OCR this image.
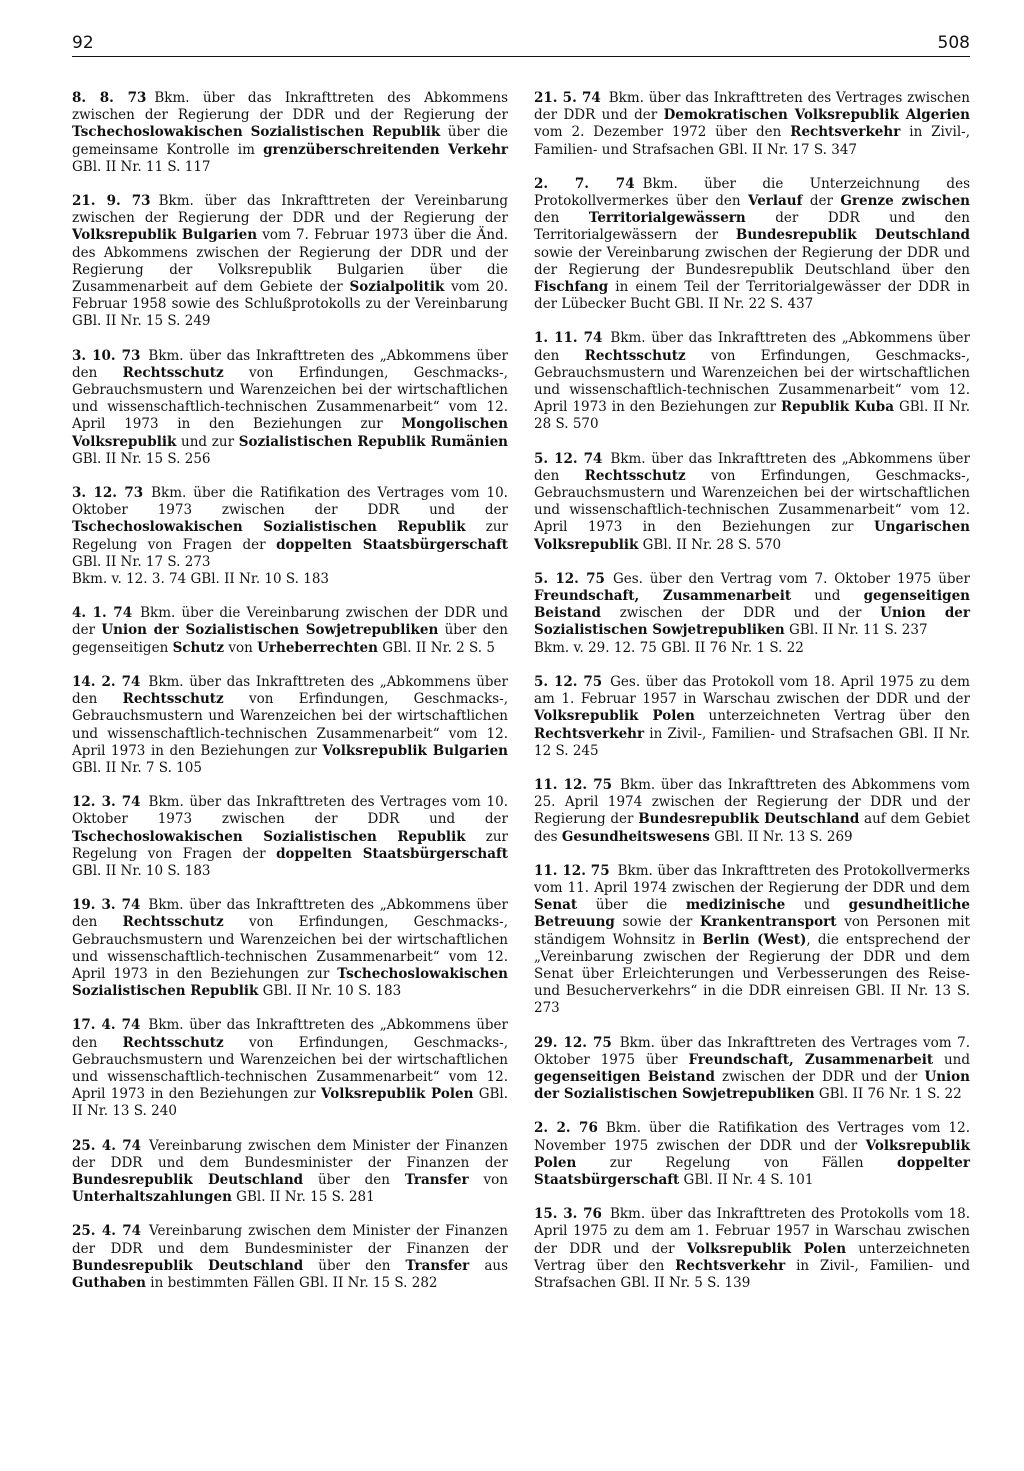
92	508

8. 8. 73 Bkm. über das Inkrafttreten des Abkommens zwischen der Regierung der DDR und der Regierung der Tschechoslowakischen Sozialistischen Republik über die gemeinsame Kontrolle im grenzüberschreitenden Verkehr GBl. II Nr. 11 S. 117

21. 9. 73 Bkm. über das Inkrafttreten der Vereinbarung zwischen der Regierung der DDR und der Regierung der Volksrepublik Bulgarien vom 7. Februar 1973 über die Änd. des Abkommens zwischen der Regierung der DDR und der Regierung der Volksrepublik Bulgarien über die Zusammenarbeit auf dem Gebiete der Sozialpolitik vom 20. Februar 1958 sowie des Schlußprotokolls zu der Vereinbarung GBl. II Nr. 15 S. 249

3. 10. 73 Bkm. über das Inkrafttreten des „Abkommens über den Rechtsschutz von Erfindungen, Geschmacks-, Gebrauchsmustern und Warenzeichen bei der wirtschaftlichen und wissenschaftlich-technischen Zusammenarbeit“ vom 12. April 1973 in den Beziehungen zur Mongolischen Volksrepublik und zur Sozialistischen Republik Rumänien GBl. II Nr. 15 S. 256

3. 12. 73 Bkm. über die Ratifikation des Vertrages vom 10. Oktober 1973 zwischen der DDR und der Tschechoslowakischen Sozialistischen Republik zur Regelung von Fragen der doppelten Staatsbürgerschaft GBl. II Nr. 17 S. 273
Bkm. v. 12. 3. 74 GBl. II Nr. 10 S. 183

4. 1. 74 Bkm. über die Vereinbarung zwischen der DDR und der Union der Sozialistischen Sowjetrepubliken über den gegenseitigen Schutz von Urheberrechten GBl. II Nr. 2 S. 5

14. 2. 74 Bkm. über das Inkrafttreten des „Abkommens über den Rechtsschutz von Erfindungen, Geschmacks-, Gebrauchsmustern und Warenzeichen bei der wirtschaftlichen und wissenschaftlich-technischen Zusammenarbeit“ vom 12. April 1973 in den Beziehungen zur Volksrepublik Bulgarien GBl. II Nr. 7 S. 105

12. 3. 74 Bkm. über das Inkrafttreten des Vertrages vom 10. Oktober 1973 zwischen der DDR und der Tschechoslowakischen Sozialistischen Republik zur Regelung von Fragen der doppelten Staatsbürgerschaft GBl. II Nr. 10 S. 183

19. 3. 74 Bkm. über das Inkrafttreten des „Abkommens über den Rechtsschutz von Erfindungen, Geschmacks-, Gebrauchsmustern und Warenzeichen bei der wirtschaftlichen und wissenschaftlich-technischen Zusammenarbeit“ vom 12. April 1973 in den Beziehungen zur Tschechoslowakischen Sozialistischen Republik GBl. II Nr. 10 S. 183

17. 4. 74 Bkm. über das Inkrafttreten des „Abkommens über den Rechtsschutz von Erfindungen, Geschmacks-, Gebrauchsmustern und Warenzeichen bei der wirtschaftlichen und wissenschaftlich-technischen Zusammenarbeit“ vom 12. April 1973 in den Beziehungen zur Volksrepublik Polen GBl. II Nr. 13 S. 240

25. 4. 74 Vereinbarung zwischen dem Minister der Finanzen der DDR und dem Bundesminister der Finanzen der Bundesrepublik Deutschland über den Transfer von Unterhaltszahlungen GBl. II Nr. 15 S. 281

25. 4. 74 Vereinbarung zwischen dem Minister der Finanzen der DDR und dem Bundesminister der Finanzen der Bundesrepublik Deutschland über den Transfer aus Guthaben in bestimmten Fällen GBl. II Nr. 15 S. 282

21. 5. 74 Bkm. über das Inkrafttreten des Vertrages zwischen der DDR und der Demokratischen Volksrepublik Algerien vom 2. Dezember 1972 über den Rechtsverkehr in Zivil-, Familien- und Strafsachen GBl. II Nr. 17 S. 347

2. 7. 74 Bkm. über die Unterzeichnung des Protokollvermerkes über den Verlauf der Grenze zwischen den Territorialgewässern der DDR und den Territorialgewässern der Bundesrepublik Deutschland sowie der Vereinbarung zwischen der Regierung der DDR und der Regierung der Bundesrepublik Deutschland über den Fischfang in einem Teil der Territorialgewässer der DDR in der Lübecker Bucht GBl. II Nr. 22 S. 437

1. 11. 74 Bkm. über das Inkrafttreten des „Abkommens über den Rechtsschutz von Erfindungen, Geschmacks-, Gebrauchsmustern und Warenzeichen bei der wirtschaftlichen und wissenschaftlich-technischen Zusammenarbeit“ vom 12. April 1973 in den Beziehungen zur Republik Kuba GBl. II Nr. 28 S. 570

5. 12. 74 Bkm. über das Inkrafttreten des „Abkommens über den Rechtsschutz von Erfindungen, Geschmacks-, Gebrauchsmustern und Warenzeichen bei der wirtschaftlichen und wissenschaftlich-technischen Zusammenarbeit“ vom 12. April 1973 in den Beziehungen zur Ungarischen Volksrepublik GBl. II Nr. 28 S. 570

5. 12. 75 Ges. über den Vertrag vom 7. Oktober 1975 über Freundschaft, Zusammenarbeit und gegenseitigen Beistand zwischen der DDR und der Union der Sozialistischen Sowjetrepubliken GBl. II Nr. 11 S. 237
Bkm. v. 29. 12. 75 GBl. II 76 Nr. 1 S. 22

5. 12. 75 Ges. über das Protokoll vom 18. April 1975 zu dem am 1. Februar 1957 in Warschau zwischen der DDR und der Volksrepublik Polen unterzeichneten Vertrag über den Rechtsverkehr in Zivil-, Familien- und Strafsachen GBl. II Nr. 12 S. 245

11. 12. 75 Bkm. über das Inkrafttreten des Abkommens vom 25. April 1974 zwischen der Regierung der DDR und der Regierung der Bundesrepublik Deutschland auf dem Gebiet des Gesundheitswesens GBl. II Nr. 13 S. 269

11. 12. 75 Bkm. über das Inkrafttreten des Protokollvermerks vom 11. April 1974 zwischen der Regierung der DDR und dem Senat über die medizinische und gesundheitliche Betreuung sowie der Krankentransport von Personen mit ständigem Wohnsitz in Berlin (West), die entsprechend der „Vereinbarung zwischen der Regierung der DDR und dem Senat über Erleichterungen und Verbesserungen des Reise- und Besucherverkehrs“ in die DDR einreisen GBl. II Nr. 13 S. 273

29. 12. 75 Bkm. über das Inkrafttreten des Vertrages vom 7. Oktober 1975 über Freundschaft, Zusammenarbeit und gegenseitigen Beistand zwischen der DDR und der Union der Sozialistischen Sowjetrepubliken GBl. II 76 Nr. 1 S. 22

2. 2. 76 Bkm. über die Ratifikation des Vertrages vom 12. November 1975 zwischen der DDR und der Volksrepublik Polen zur Regelung von Fällen doppelter Staatsbürgerschaft GBl. II Nr. 4 S. 101

15. 3. 76 Bkm. über das Inkrafttreten des Protokolls vom 18. April 1975 zu dem am 1. Februar 1957 in Warschau zwischen der DDR und der Volksrepublik Polen unterzeichneten Vertrag über den Rechtsverkehr in Zivil-, Familien- und Strafsachen GBl. II Nr. 5 S. 139
